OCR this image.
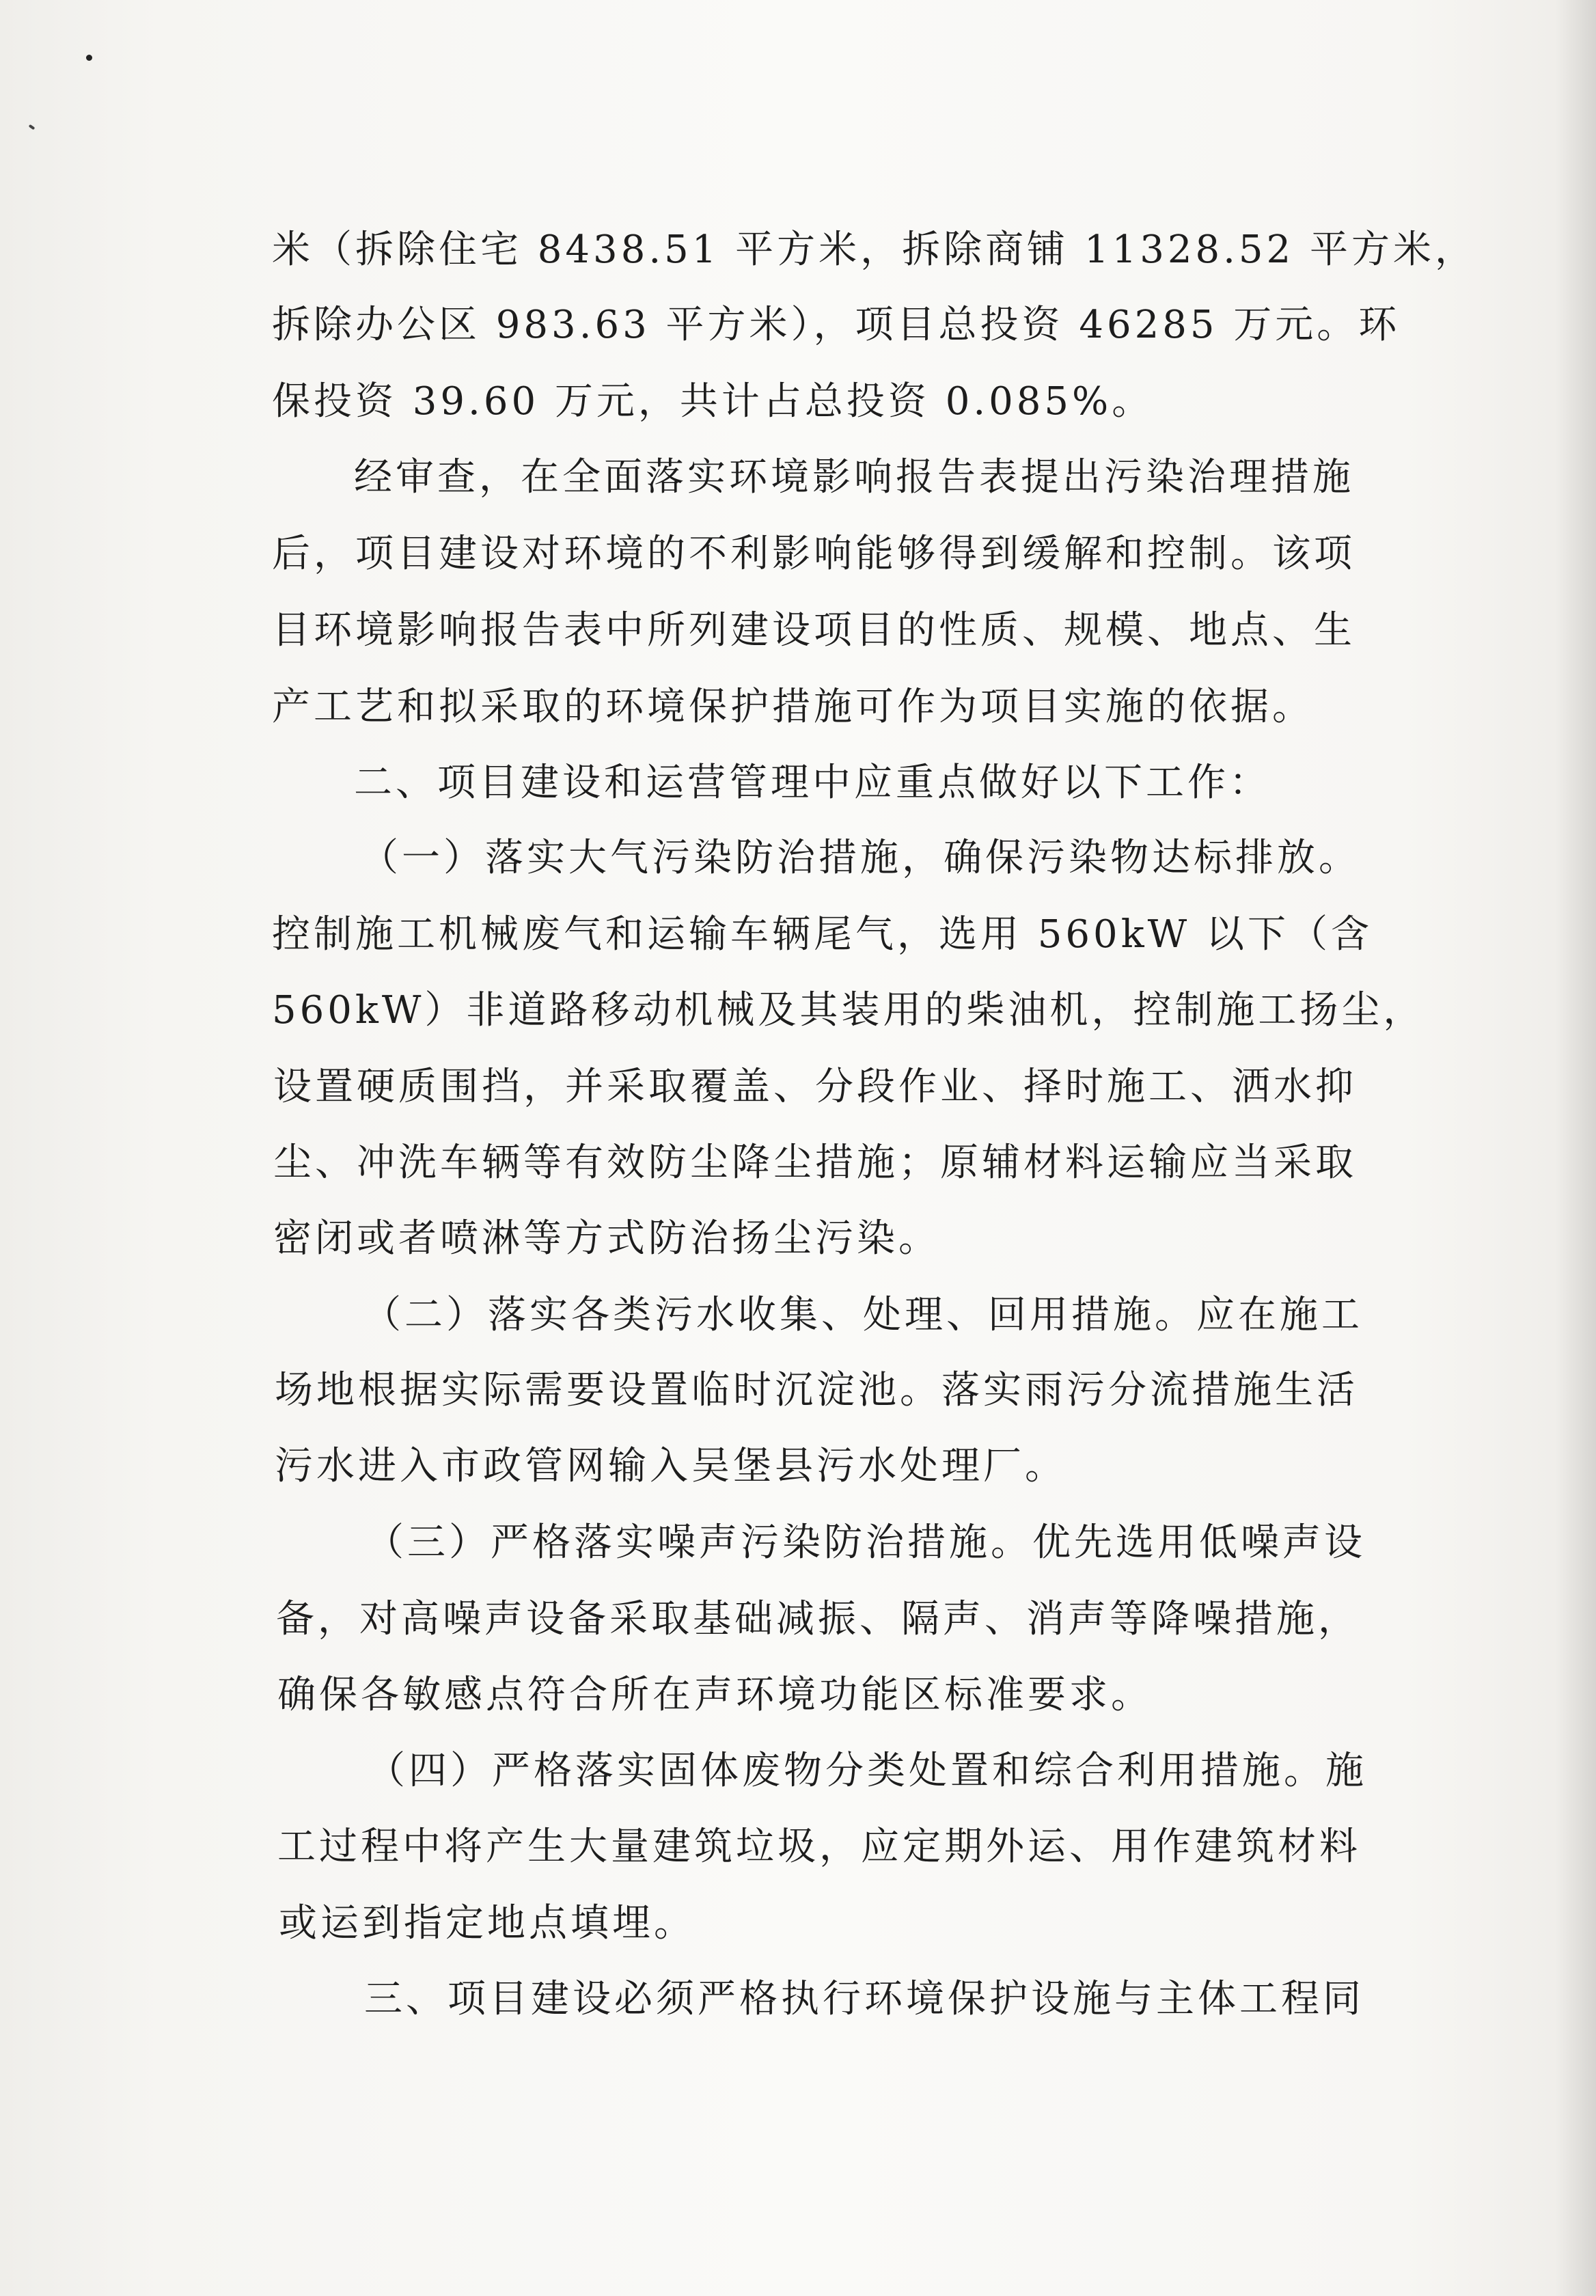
米（拆除住宅 8438.51 平方米，拆除商铺 11328.52 平方米，

拆除办公区 983.63 平方米），项目总投资 46285 万元。环

保投资 39.60 万元，共计占总投资 0.085%。

经审查，在全面落实环境影响报告表提出污染治理措施

后，项目建设对环境的不利影响能够得到缓解和控制。该项

目环境影响报告表中所列建设项目的性质、规模、地点、生

产工艺和拟采取的环境保护措施可作为项目实施的依据。

二、项目建设和运营管理中应重点做好以下工作：

（一）落实大气污染防治措施，确保污染物达标排放。

控制施工机械废气和运输车辆尾气，选用 560kW 以下（含

560kW）非道路移动机械及其装用的柴油机，控制施工扬尘，

设置硬质围挡，并采取覆盖、分段作业、择时施工、洒水抑

尘、冲洗车辆等有效防尘降尘措施；原辅材料运输应当采取

密闭或者喷淋等方式防治扬尘污染。

（二）落实各类污水收集、处理、回用措施。应在施工

场地根据实际需要设置临时沉淀池。落实雨污分流措施生活

污水进入市政管网输入吴堡县污水处理厂。

（三）严格落实噪声污染防治措施。优先选用低噪声设

备，对高噪声设备采取基础减振、隔声、消声等降噪措施，

确保各敏感点符合所在声环境功能区标准要求。

（四）严格落实固体废物分类处置和综合利用措施。施

工过程中将产生大量建筑垃圾，应定期外运、用作建筑材料

或运到指定地点填埋。

三、项目建设必须严格执行环境保护设施与主体工程同
